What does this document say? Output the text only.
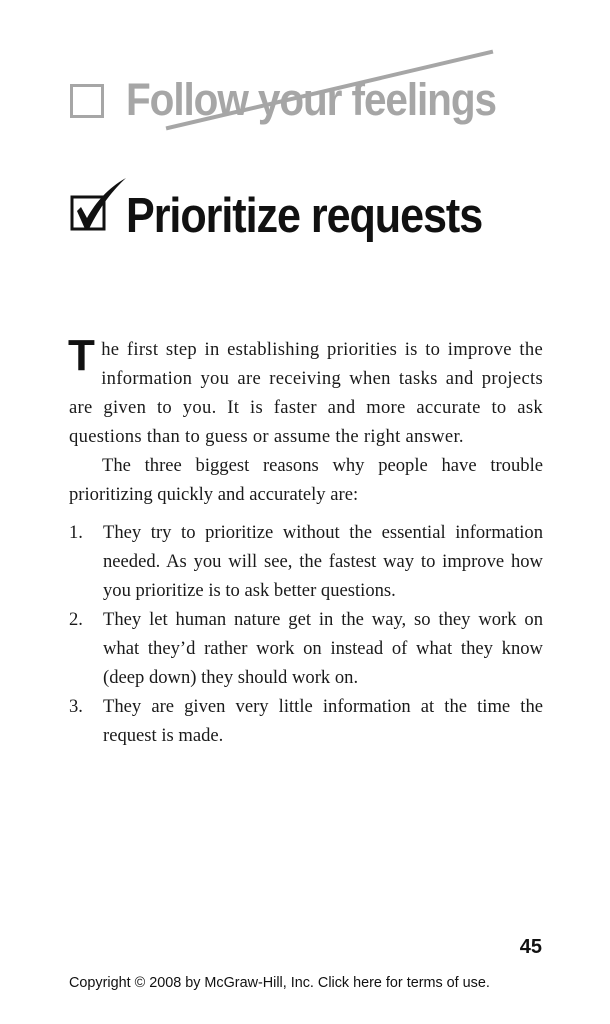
Follow your feelings
Prioritize requests

The first step in establishing priorities is to improve the information you are receiving when tasks and projects are given to you. It is faster and more accurate to ask questions than to guess or assume the right answer.

The three biggest reasons why people have trouble prioritizing quickly and accurately are:

1. They try to prioritize without the essential information needed. As you will see, the fastest way to improve how you prioritize is to ask better questions.
2. They let human nature get in the way, so they work on what they’d rather work on instead of what they know (deep down) they should work on.
3. They are given very little information at the time the request is made.
45
Copyright © 2008 by McGraw-Hill, Inc. Click here for terms of use.
